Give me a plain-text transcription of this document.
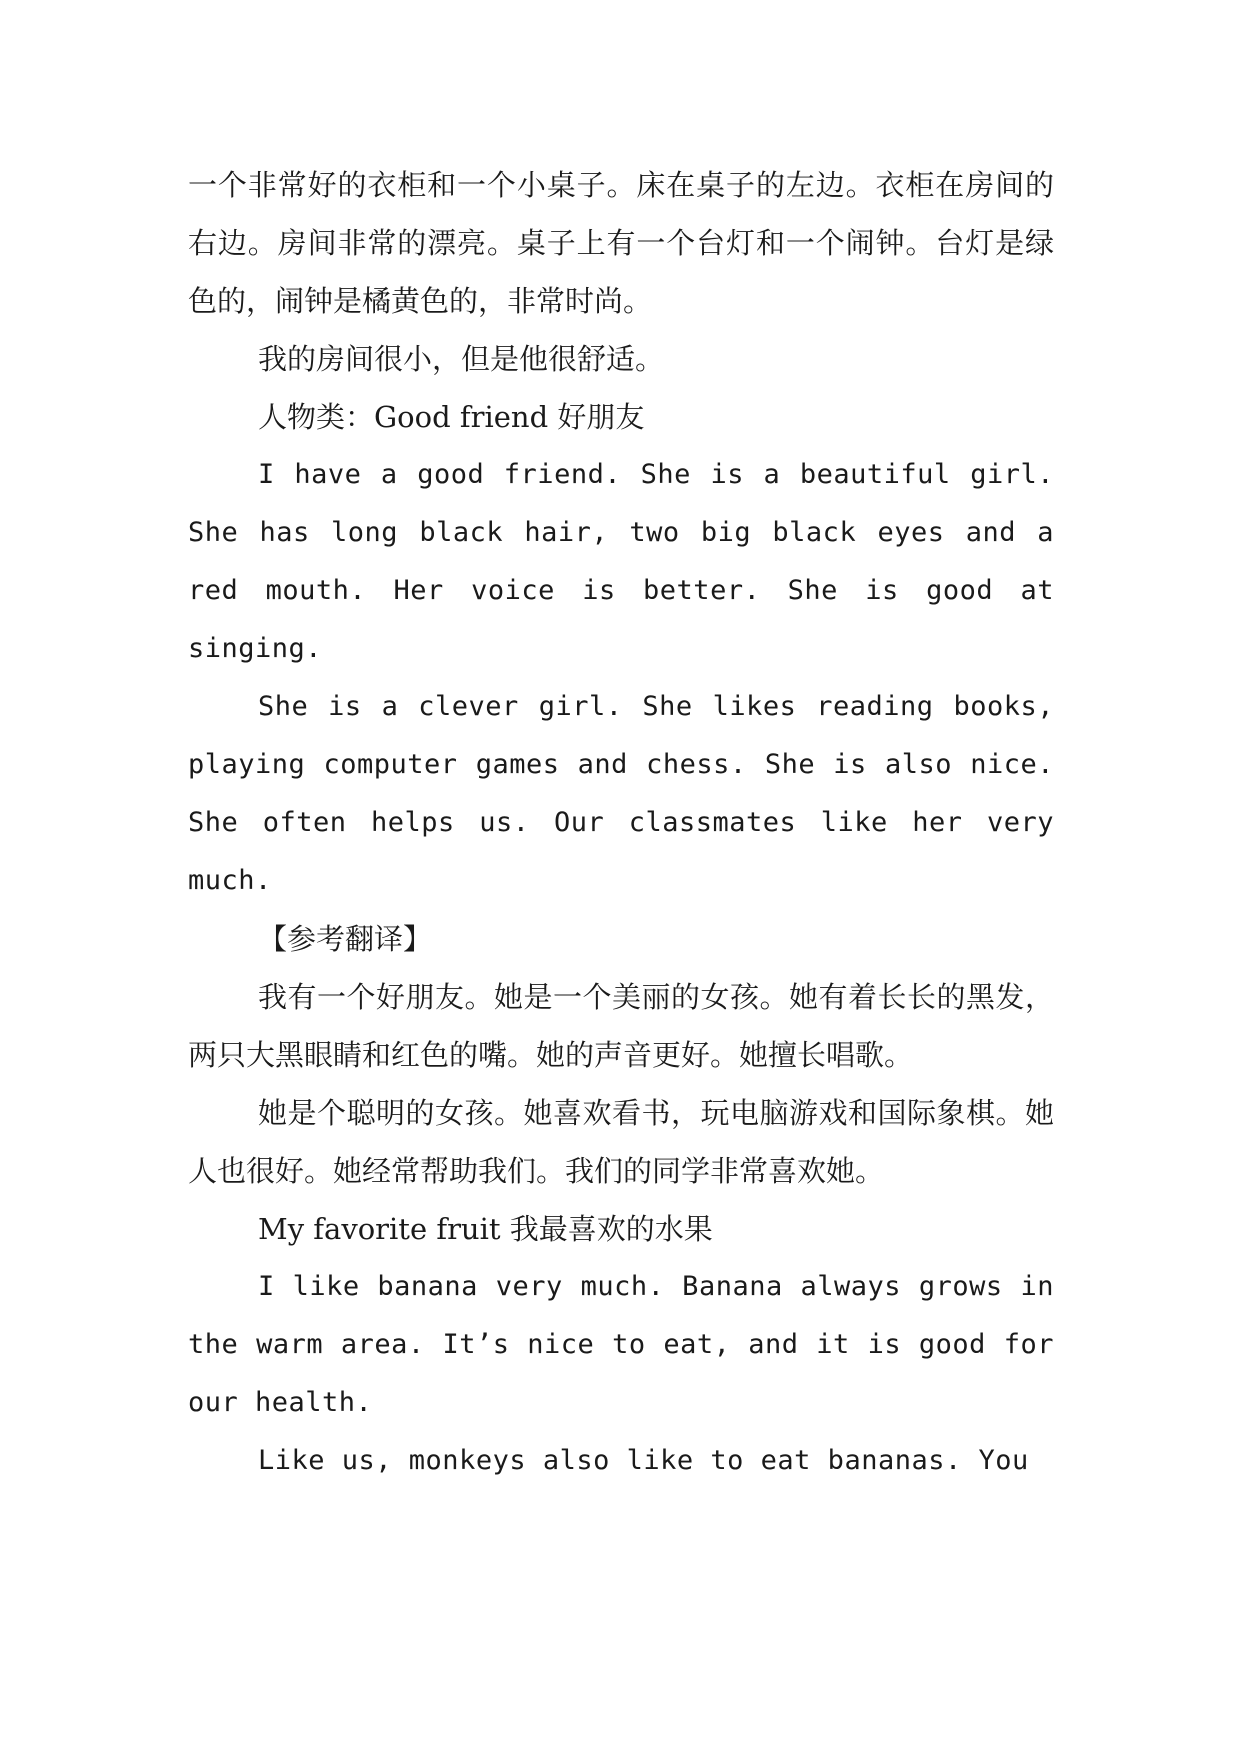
一个非常好的衣柜和一个小桌子。床在桌子的左边。衣柜在房间的右边。房间非常的漂亮。桌子上有一个台灯和一个闹钟。台灯是绿色的，闹钟是橘黄色的，非常时尚。

我的房间很小，但是他很舒适。

人物类：Good friend 好朋友

I have a good friend. She is a beautiful girl. She has long black hair, two big black eyes and a red mouth. Her voice is better. She is good at singing.

She is a clever girl. She likes reading books, playing computer games and chess. She is also nice. She often helps us. Our classmates like her very much.

【参考翻译】

我有一个好朋友。她是一个美丽的女孩。她有着长长的黑发，两只大黑眼睛和红色的嘴。她的声音更好。她擅长唱歌。

她是个聪明的女孩。她喜欢看书，玩电脑游戏和国际象棋。她人也很好。她经常帮助我们。我们的同学非常喜欢她。

My favorite fruit 我最喜欢的水果

I like banana very much. Banana always grows in the warm area. It’s nice to eat, and it is good for our health.

Like us, monkeys also like to eat bananas. You
